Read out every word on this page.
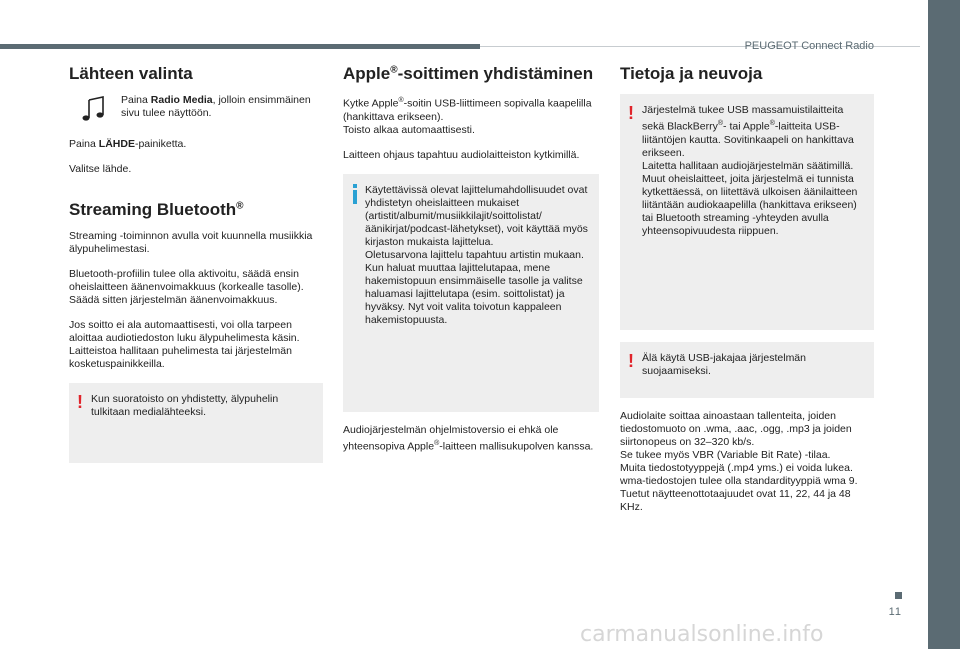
PEUGEOT Connect Radio
11
carmanualsonline.info
Lähteen valinta

Paina Radio Media, jolloin ensimmäinen sivu tulee näyttöön.

Paina LÄHDE-painiketta.

Valitse lähde.

Streaming Bluetooth®

Streaming -toiminnon avulla voit kuunnella musiikkia älypuhelimestasi.

Bluetooth-profiilin tulee olla aktivoitu, säädä ensin oheislaitteen äänenvoimakkuus (korkealle tasolle).
Säädä sitten järjestelmän äänenvoimakkuus.

Jos soitto ei ala automaattisesti, voi olla tarpeen aloittaa audiotiedoston luku älypuhelimesta käsin.
Laitteistoa hallitaan puhelimesta tai järjestelmän kosketuspainikkeilla.

! Kun suoratoisto on yhdistetty, älypuhelin tulkitaan medialähteeksi.

Apple®-soittimen yhdistäminen

Kytke Apple®-soitin USB-liittimeen sopivalla kaapelilla (hankittava erikseen).
Toisto alkaa automaattisesti.

Laitteen ohjaus tapahtuu audiolaitteiston kytkimillä.

Käytettävissä olevat lajittelumahdollisuudet ovat yhdistetyn oheislaitteen mukaiset (artistit/albumit/musiikkilajit/soittolistat/äänikirjat/podcast-lähetykset), voit käyttää myös kirjaston mukaista lajittelua.
Oletusarvona lajittelu tapahtuu artistin mukaan. Kun haluat muuttaa lajittelutapaa, mene hakemistopuun ensimmäiselle tasolle ja valitse haluamasi lajittelutapa (esim. soittolistat) ja hyväksy. Nyt voit valita toivotun kappaleen hakemistopuusta.

Audiojärjestelmän ohjelmistoversio ei ehkä ole yhteensopiva Apple®-laitteen mallisukupolven kanssa.

Tietoja ja neuvoja
! Järjestelmä tukee USB massamuistilaitteita sekä BlackBerry®- tai Apple®-laitteita USB-liitäntöjen kautta. Sovitinkaapeli on hankittava erikseen.
Laitetta hallitaan audiojärjestelmän säätimillä.
Muut oheislaitteet, joita järjestelmä ei tunnista kytkettäessä, on liitettävä ulkoisen äänilaitteen liitäntään audiokaapelilla (hankittava erikseen) tai Bluetooth streaming -yhteyden avulla yhteensopivuudesta riippuen.

! Älä käytä USB-jakajaa järjestelmän suojaamiseksi.

Audiolaite soittaa ainoastaan tallenteita, joiden tiedostomuoto on .wma, .aac, .ogg, .mp3 ja joiden siirtonopeus on 32–320 kb/s.
Se tukee myös VBR (Variable Bit Rate) -tilaa.
Muita tiedostotyyppejä (.mp4 yms.) ei voida lukea.
wma-tiedostojen tulee olla standardityyppiä wma 9.
Tuetut näytteenottotaajuudet ovat 11, 22, 44 ja 48 KHz.
